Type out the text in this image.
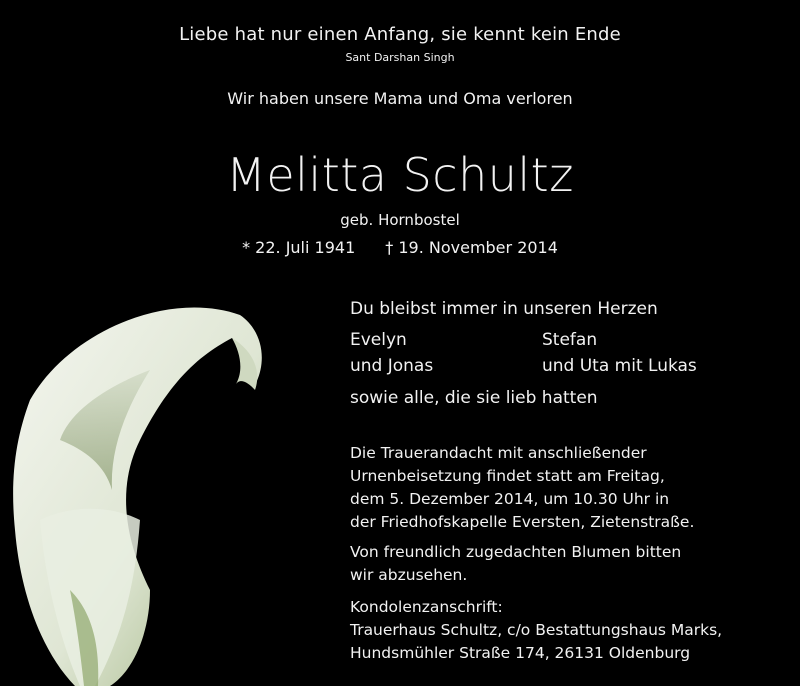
Liebe hat nur einen Anfang, sie kennt kein Ende
Sant Darshan Singh
Wir haben unsere Mama und Oma verloren
Melitta Schultz
geb. Hornbostel
* 22. Juli 1941 † 19. November 2014
Du bleibst immer in unseren Herzen
Evelyn
und Jonas
Stefan
und Uta mit Lukas
sowie alle, die sie lieb hatten
Die Trauerandacht mit anschließender
Urnenbeisetzung findet statt am Freitag,
dem 5. Dezember 2014, um 10.30 Uhr in
der Friedhofskapelle Eversten, Zietenstraße.
Von freundlich zugedachten Blumen bitten
wir abzusehen.
Kondolenzanschrift:
Trauerhaus Schultz, c/o Bestattungshaus Marks,
Hundsmühler Straße 174, 26131 Oldenburg
